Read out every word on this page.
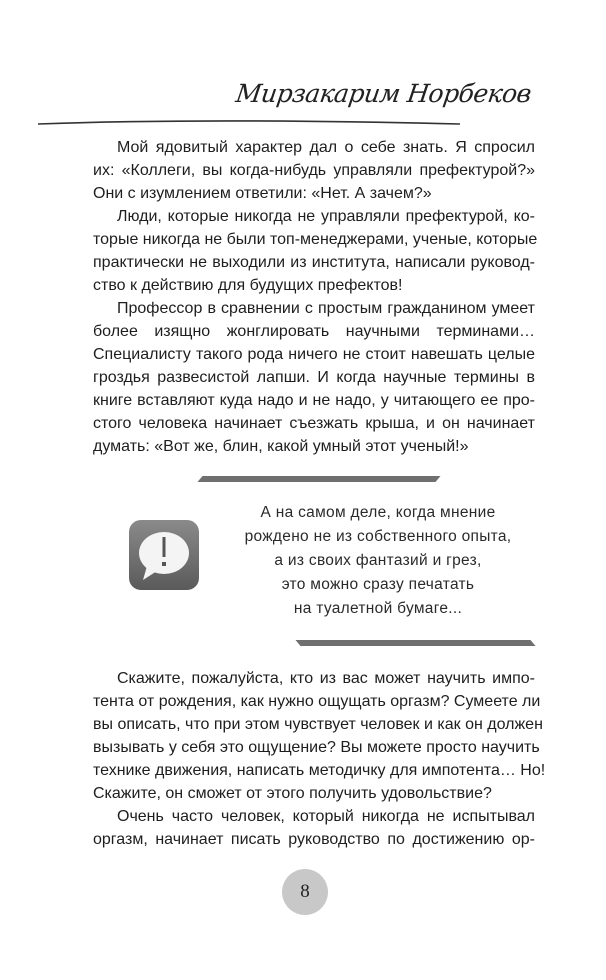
Мирзакарим Норбеков
Мой ядовитый характер дал о себе знать. Я спросил
их: «Коллеги, вы когда-нибудь управляли префектурой?»
Они с изумлением ответили: «Нет. А зачем?»
Люди, которые никогда не управляли префектурой, ко-
торые никогда не были топ-менеджерами, ученые, которые
практически не выходили из института, написали руковод-
ство к действию для будущих префектов!
Профессор в сравнении с простым гражданином умеет
более изящно жонглировать научными терминами…
Специалисту такого рода ничего не стоит навешать целые
гроздья развесистой лапши. И когда научные термины в
книге вставляют куда надо и не надо, у читающего ее про-
стого человека начинает съезжать крыша, и он начинает
думать: «Вот же, блин, какой умный этот ученый!»
А на самом деле, когда мнение
рождено не из собственного опыта,
а из своих фантазий и грез,
это можно сразу печатать
на туалетной бумаге...
Скажите, пожалуйста, кто из вас может научить импо-
тента от рождения, как нужно ощущать оргазм? Сумеете ли
вы описать, что при этом чувствует человек и как он должен
вызывать у себя это ощущение? Вы можете просто научить
технике движения, написать методичку для импотента… Но!
Скажите, он сможет от этого получить удовольствие?
Очень часто человек, который никогда не испытывал
оргазм, начинает писать руководство по достижению ор-
8
